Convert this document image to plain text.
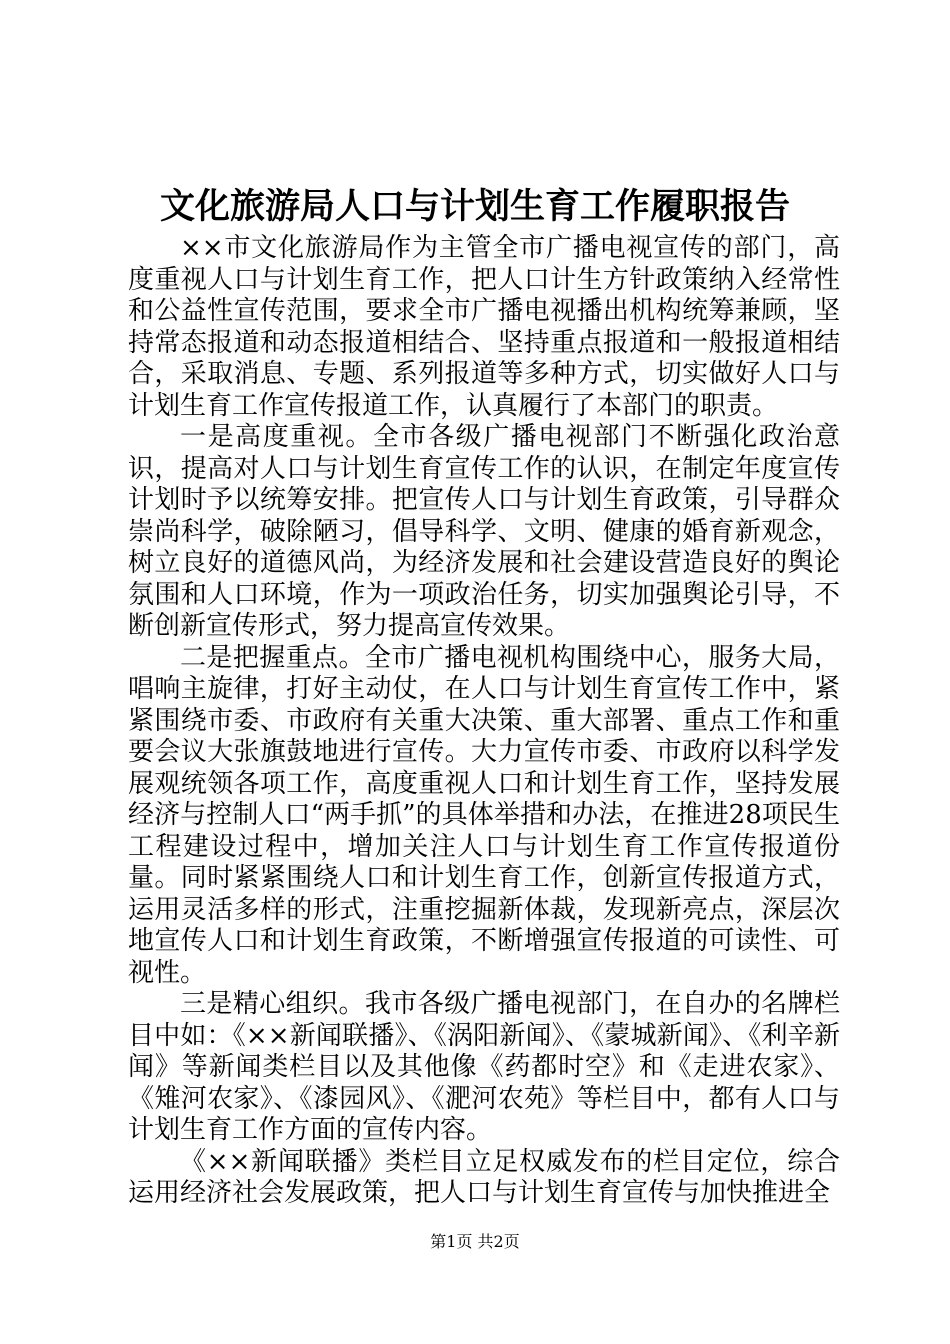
文化旅游局人口与计划生育工作履职报告

××市文化旅游局作为主管全市广播电视宣传的部门，高度重视人口与计划生育工作，把人口计生方针政策纳入经常性和公益性宣传范围，要求全市广播电视播出机构统筹兼顾，坚持常态报道和动态报道相结合、坚持重点报道和一般报道相结合，采取消息、专题、系列报道等多种方式，切实做好人口与计划生育工作宣传报道工作，认真履行了本部门的职责。

一是高度重视。全市各级广播电视部门不断强化政治意识，提高对人口与计划生育宣传工作的认识，在制定年度宣传计划时予以统筹安排。把宣传人口与计划生育政策，引导群众崇尚科学，破除陋习，倡导科学、文明、健康的婚育新观念，树立良好的道德风尚，为经济发展和社会建设营造良好的舆论氛围和人口环境，作为一项政治任务，切实加强舆论引导，不断创新宣传形式，努力提高宣传效果。

二是把握重点。全市广播电视机构围绕中心，服务大局，唱响主旋律，打好主动仗，在人口与计划生育宣传工作中，紧紧围绕市委、市政府有关重大决策、重大部署、重点工作和重要会议大张旗鼓地进行宣传。大力宣传市委、市政府以科学发展观统领各项工作，高度重视人口和计划生育工作，坚持发展经济与控制人口“两手抓”的具体举措和办法，在推进28项民生工程建设过程中，增加关注人口与计划生育工作宣传报道份量。同时紧紧围绕人口和计划生育工作，创新宣传报道方式，运用灵活多样的形式，注重挖掘新体裁，发现新亮点，深层次地宣传人口和计划生育政策，不断增强宣传报道的可读性、可视性。

三是精心组织。我市各级广播电视部门，在自办的名牌栏目中如：《××新闻联播》、《涡阳新闻》、《蒙城新闻》、《利辛新闻》等新闻类栏目以及其他像《药都时空》和《走进农家》、《雉河农家》、《漆园风》、《淝河农苑》等栏目中，都有人口与计划生育工作方面的宣传内容。

《××新闻联播》类栏目立足权威发布的栏目定位，综合运用经济社会发展政策，把人口与计划生育宣传与加快推进全

第1页 共2页
